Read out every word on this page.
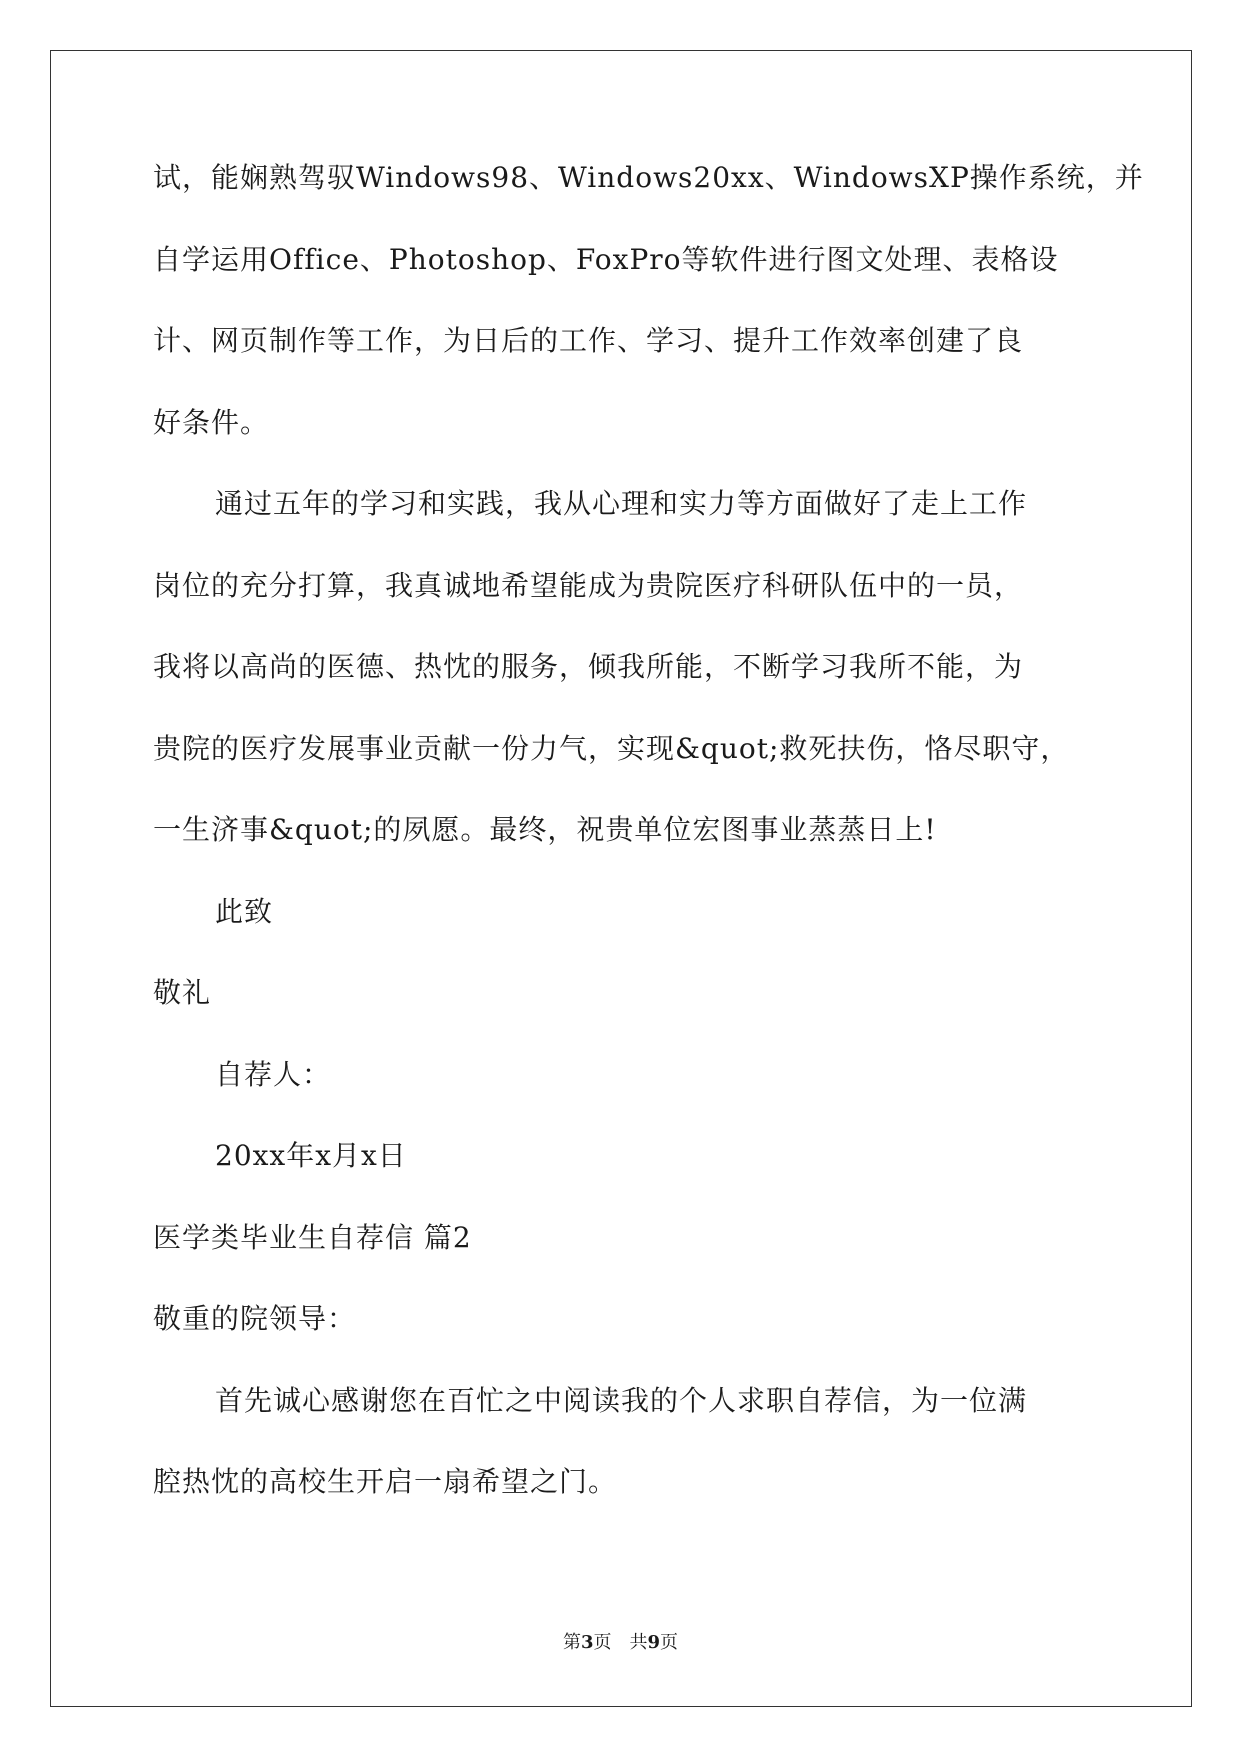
试，能娴熟驾驭Windows98、Windows20xx、WindowsXP操作系统，并
自学运用Office、Photoshop、FoxPro等软件进行图文处理、表格设
计、网页制作等工作，为日后的工作、学习、提升工作效率创建了良
好条件。
通过五年的学习和实践，我从心理和实力等方面做好了走上工作
岗位的充分打算，我真诚地希望能成为贵院医疗科研队伍中的一员，
我将以高尚的医德、热忱的服务，倾我所能，不断学习我所不能，为
贵院的医疗发展事业贡献一份力气，实现&quot;救死扶伤，恪尽职守，
一生济事&quot;的夙愿。最终，祝贵单位宏图事业蒸蒸日上!
此致
敬礼
自荐人：
20xx年x月x日
医学类毕业生自荐信 篇2
敬重的院领导：
首先诚心感谢您在百忙之中阅读我的个人求职自荐信，为一位满
腔热忱的高校生开启一扇希望之门。
第3页 共9页
